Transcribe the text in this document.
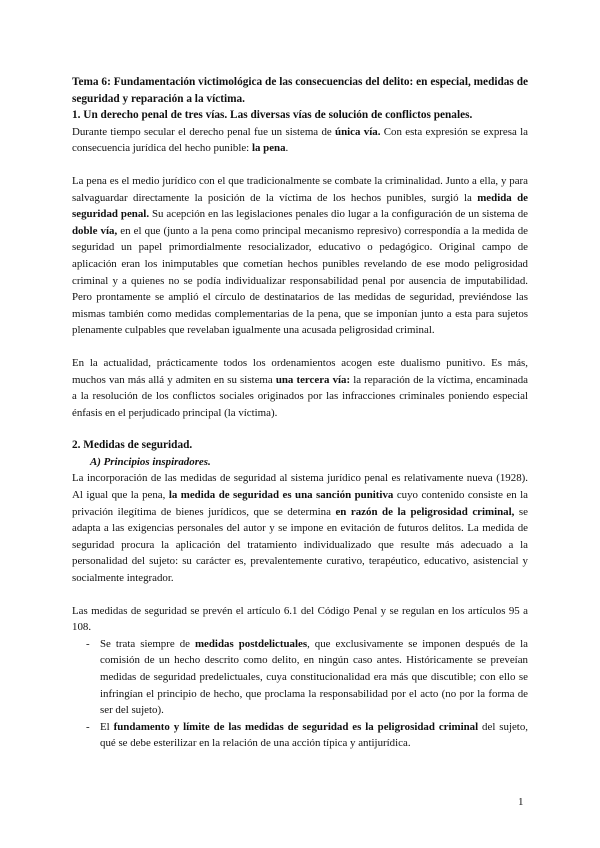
Tema 6: Fundamentación victimológica de las consecuencias del delito: en especial, medidas de seguridad y reparación a la víctima.

1. Un derecho penal de tres vías. Las diversas vías de solución de conflictos penales.

Durante tiempo secular el derecho penal fue un sistema de única vía. Con esta expresión se expresa la consecuencia jurídica del hecho punible: la pena.

La pena es el medio jurídico con el que tradicionalmente se combate la criminalidad. Junto a ella, y para salvaguardar directamente la posición de la víctima de los hechos punibles, surgió la medida de seguridad penal. Su acepción en las legislaciones penales dio lugar a la configuración de un sistema de doble vía, en el que (junto a la pena como principal mecanismo represivo) correspondía a la medida de seguridad un papel primordialmente resocializador, educativo o pedagógico. Original campo de aplicación eran los inimputables que cometían hechos punibles revelando de ese modo peligrosidad criminal y a quienes no se podía individualizar responsabilidad penal por ausencia de imputabilidad. Pero prontamente se amplió el círculo de destinatarios de las medidas de seguridad, previéndose las mismas también como medidas complementarias de la pena, que se imponían junto a esta para sujetos plenamente culpables que revelaban igualmente una acusada peligrosidad criminal.

En la actualidad, prácticamente todos los ordenamientos acogen este dualismo punitivo. Es más, muchos van más allá y admiten en su sistema una tercera vía: la reparación de la víctima, encaminada a la resolución de los conflictos sociales originados por las infracciones criminales poniendo especial énfasis en el perjudicado principal (la víctima).

2. Medidas de seguridad.

A) Principios inspiradores.

La incorporación de las medidas de seguridad al sistema jurídico penal es relativamente nueva (1928). Al igual que la pena, la medida de seguridad es una sanción punitiva cuyo contenido consiste en la privación ilegítima de bienes jurídicos, que se determina en razón de la peligrosidad criminal, se adapta a las exigencias personales del autor y se impone en evitación de futuros delitos. La medida de seguridad procura la aplicación del tratamiento individualizado que resulte más adecuado a la personalidad del sujeto: su carácter es, prevalentemente curativo, terapéutico, educativo, asistencial y socialmente integrador.

Las medidas de seguridad se prevén el artículo 6.1 del Código Penal y se regulan en los artículos 95 a 108.

- Se trata siempre de medidas postdelictuales, que exclusivamente se imponen después de la comisión de un hecho descrito como delito, en ningún caso antes. Históricamente se preveían medidas de seguridad predelictuales, cuya constitucionalidad era más que discutible; con ello se infringían el principio de hecho, que proclama la responsabilidad por el acto (no por la forma de ser del sujeto).
- El fundamento y límite de las medidas de seguridad es la peligrosidad criminal del sujeto, qué se debe esterilizar en la relación de una acción típica y antijurídica.
1
